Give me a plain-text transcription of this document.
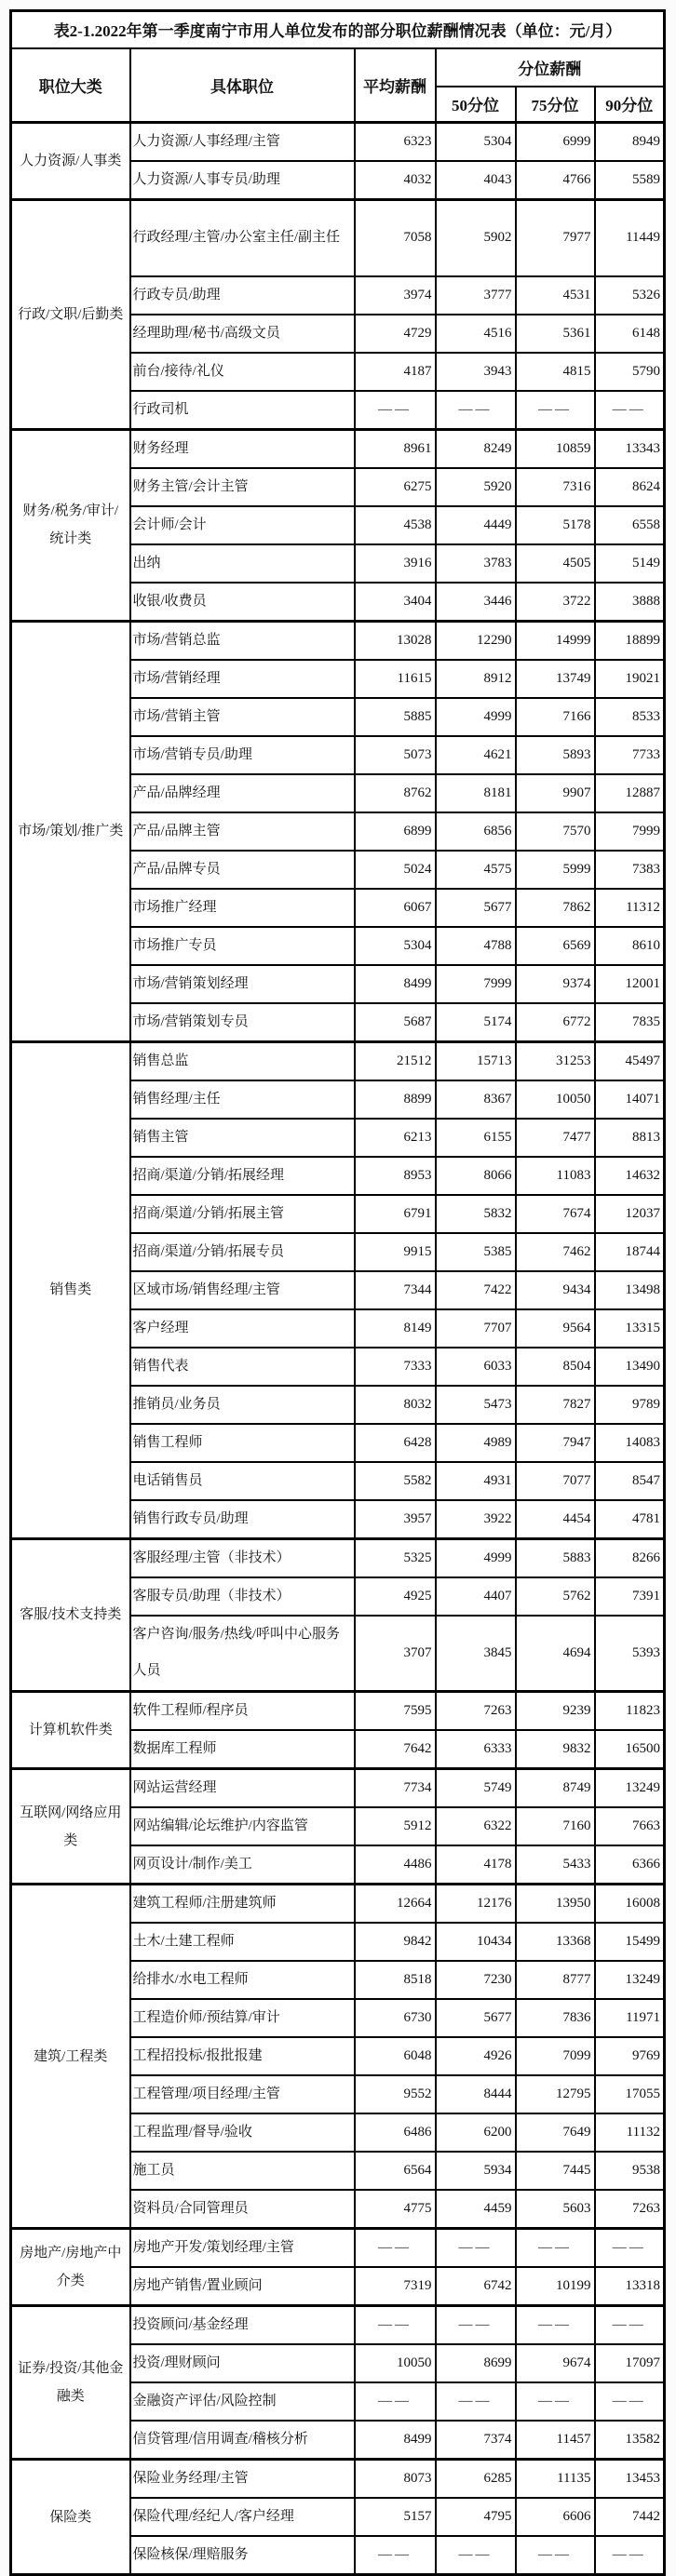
表2-1.2022年第一季度南宁市用人单位发布的部分职位薪酬情况表（单位：元/月）					
职位大类	具体职位	平均薪酬	分位薪酬		
			50分位	75分位	90分位
人力资源/人事类	人力资源/人事经理/主管	6323	5304	6999	8949
	人力资源/人事专员/助理	4032	4043	4766	5589
行政/文职/后勤类	行政经理/主管/办公室主任/副主任	7058	5902	7977	11449
	行政专员/助理	3974	3777	4531	5326
	经理助理/秘书/高级文员	4729	4516	5361	6148
	前台/接待/礼仪	4187	3943	4815	5790
	行政司机	——	——	——	——
财务/税务/审计/统计类	财务经理	8961	8249	10859	13343
	财务主管/会计主管	6275	5920	7316	8624
	会计师/会计	4538	4449	5178	6558
	出纳	3916	3783	4505	5149
	收银/收费员	3404	3446	3722	3888
市场/策划/推广类	市场/营销总监	13028	12290	14999	18899
	市场/营销经理	11615	8912	13749	19021
	市场/营销主管	5885	4999	7166	8533
	市场/营销专员/助理	5073	4621	5893	7733
	产品/品牌经理	8762	8181	9907	12887
	产品/品牌主管	6899	6856	7570	7999
	产品/品牌专员	5024	4575	5999	7383
	市场推广经理	6067	5677	7862	11312
	市场推广专员	5304	4788	6569	8610
	市场/营销策划经理	8499	7999	9374	12001
	市场/营销策划专员	5687	5174	6772	7835
销售类	销售总监	21512	15713	31253	45497
	销售经理/主任	8899	8367	10050	14071
	销售主管	6213	6155	7477	8813
	招商/渠道/分销/拓展经理	8953	8066	11083	14632
	招商/渠道/分销/拓展主管	6791	5832	7674	12037
	招商/渠道/分销/拓展专员	9915	5385	7462	18744
	区域市场/销售经理/主管	7344	7422	9434	13498
	客户经理	8149	7707	9564	13315
	销售代表	7333	6033	8504	13490
	推销员/业务员	8032	5473	7827	9789
	销售工程师	6428	4989	7947	14083
	电话销售员	5582	4931	7077	8547
	销售行政专员/助理	3957	3922	4454	4781
客服/技术支持类	客服经理/主管（非技术）	5325	4999	5883	8266
	客服专员/助理（非技术）	4925	4407	5762	7391
	客户咨询/服务/热线/呼叫中心服务人员	3707	3845	4694	5393
计算机软件类	软件工程师/程序员	7595	7263	9239	11823
	数据库工程师	7642	6333	9832	16500
互联网/网络应用类	网站运营经理	7734	5749	8749	13249
	网站编辑/论坛维护/内容监管	5912	6322	7160	7663
	网页设计/制作/美工	4486	4178	5433	6366
建筑/工程类	建筑工程师/注册建筑师	12664	12176	13950	16008
	土木/土建工程师	9842	10434	13368	15499
	给排水/水电工程师	8518	7230	8777	13249
	工程造价师/预结算/审计	6730	5677	7836	11971
	工程招投标/报批报建	6048	4926	7099	9769
	工程管理/项目经理/主管	9552	8444	12795	17055
	工程监理/督导/验收	6486	6200	7649	11132
	施工员	6564	5934	7445	9538
	资料员/合同管理员	4775	4459	5603	7263
房地产/房地产中介类	房地产开发/策划经理/主管	——	——	——	——
	房地产销售/置业顾问	7319	6742	10199	13318
证券/投资/其他金融类	投资顾问/基金经理	——	——	——	——
	投资/理财顾问	10050	8699	9674	17097
	金融资产评估/风险控制	——	——	——	——
	信贷管理/信用调查/稽核分析	8499	7374	11457	13582
保险类	保险业务经理/主管	8073	6285	11135	13453
	保险代理/经纪人/客户经理	5157	4795	6606	7442
	保险核保/理赔服务	——	——	——	——
